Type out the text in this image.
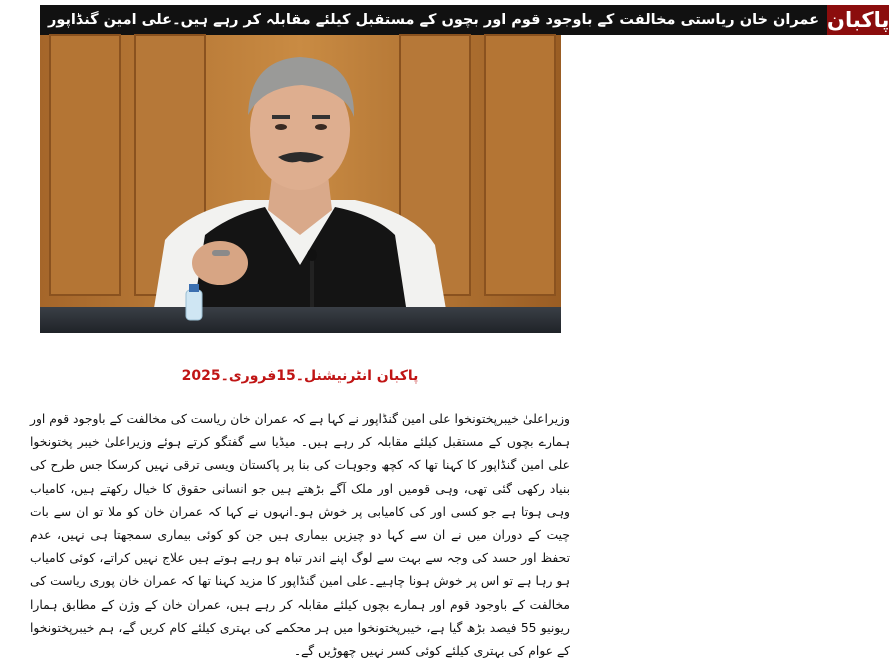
عمران خان ریاستی مخالفت کے باوجود قوم اور بچوں کے مستقبل کیلئے مقابلہ کر رہے ہیں۔علی امین گنڈاپور پاکبان
پاکبان انٹرنیشنل۔15فروری۔2025

وزیراعلیٰ خیبرپختونخوا علی امین گنڈاپور نے کہا ہے کہ عمران خان ریاست کی مخالفت کے باوجود قوم اور ہمارے بچوں کے مستقبل کیلئے مقابلہ کر رہے ہیں۔ میڈیا سے گفتگو کرتے ہوئے وزیراعلیٰ خیبر پختونخوا علی امین گنڈاپور کا کہنا تھا کہ کچھ وجوہات کی بنا پر پاکستان ویسی ترقی نہیں کرسکا جس طرح کی بنیاد رکھی گئی تھی، وہی قومیں اور ملک آگے بڑھتے ہیں جو انسانی حقوق کا خیال رکھتے ہیں، کامیاب وہی ہوتا ہے جو کسی اور کی کامیابی پر خوش ہو۔انہوں نے کہا کہ عمران خان کو ملا تو ان سے بات چیت کے دوران میں نے ان سے کہا دو چیزیں بیماری ہیں جن کو کوئی بیماری سمجھتا ہی نہیں، عدم تحفظ اور حسد کی وجہ سے بہت سے لوگ اپنے اندر تباہ ہو رہے ہوتے ہیں علاج نہیں کراتے، کوئی کامیاب ہو رہا ہے تو اس پر خوش ہونا چاہیے۔علی امین گنڈاپور کا مزید کہنا تھا کہ عمران خان پوری ریاست کی مخالفت کے باوجود قوم اور ہمارے بچوں کیلئے مقابلہ کر رہے ہیں، عمران خان کے وژن کے مطابق ہمارا ریونیو 55 فیصد بڑھ گیا ہے، خیبرپختونخوا میں ہر محکمے کی بہتری کیلئے کام کریں گے، ہم خیبرپختونخوا کے عوام کی بہتری کیلئے کوئی کسر نہیں چھوڑیں گے۔
